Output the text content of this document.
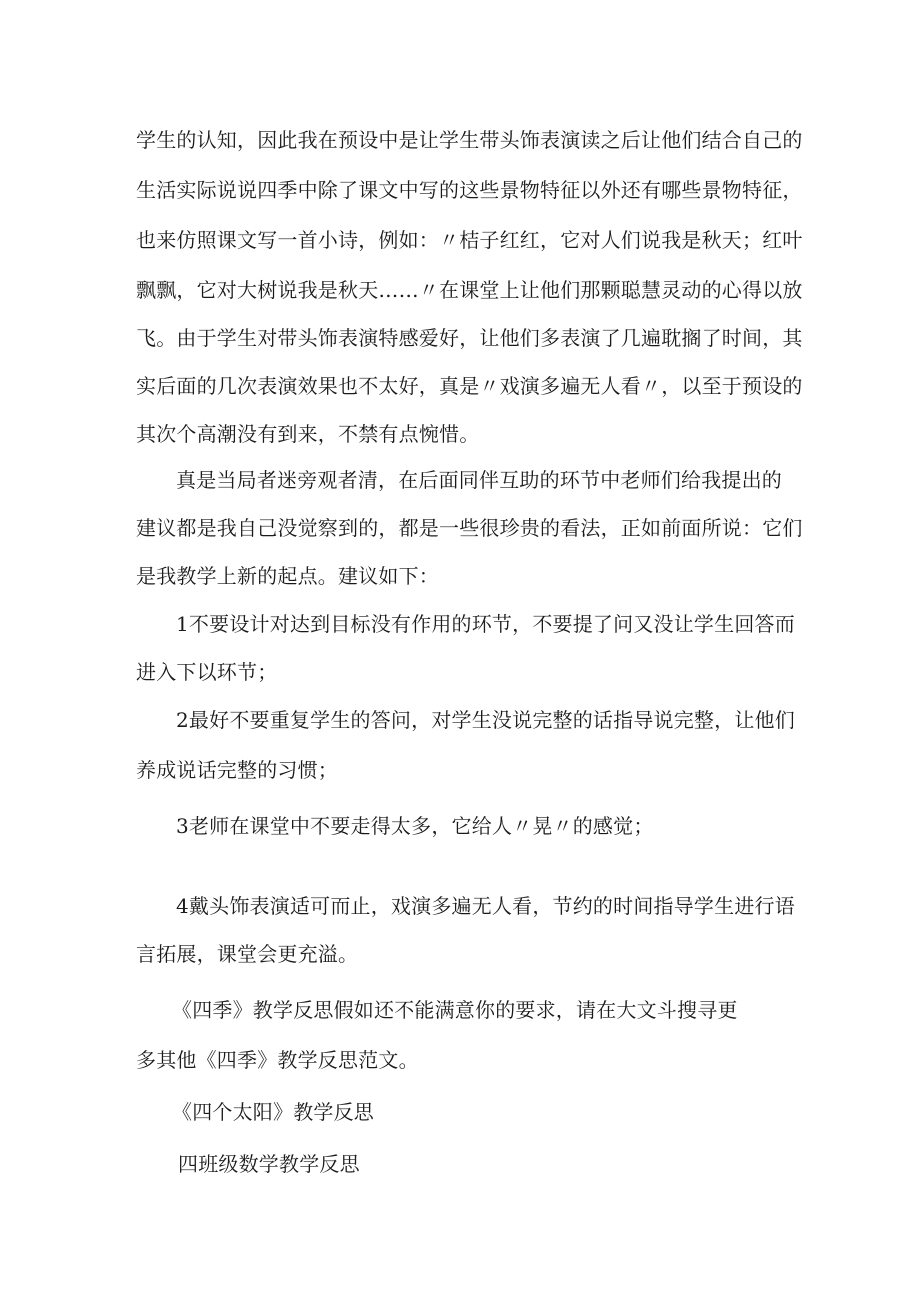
学生的认知，因此我在预设中是让学生带头饰表演读之后让他们结合自己的
生活实际说说四季中除了课文中写的这些景物特征以外还有哪些景物特征，
也来仿照课文写一首小诗，例如：〃桔子红红，它对人们说我是秋天；红叶
飘飘，它对大树说我是秋天……〃在课堂上让他们那颗聪慧灵动的心得以放
飞。由于学生对带头饰表演特感爱好，让他们多表演了几遍耽搁了时间，其
实后面的几次表演效果也不太好，真是〃戏演多遍无人看〃，以至于预设的
其次个高潮没有到来，不禁有点惋惜。
真是当局者迷旁观者清，在后面同伴互助的环节中老师们给我提出的
建议都是我自己没觉察到的，都是一些很珍贵的看法，正如前面所说：它们
是我教学上新的起点。建议如下：
1不要设计对达到目标没有作用的环节，不要提了问又没让学生回答而
进入下以环节；
2最好不要重复学生的答问，对学生没说完整的话指导说完整，让他们
养成说话完整的习惯；
3老师在课堂中不要走得太多，它给人〃晃〃的感觉；
4戴头饰表演适可而止，戏演多遍无人看，节约的时间指导学生进行语
言拓展，课堂会更充溢。
《四季》教学反思假如还不能满意你的要求，请在大文斗搜寻更
多其他《四季》教学反思范文。
《四个太阳》教学反思
四班级数学教学反思
